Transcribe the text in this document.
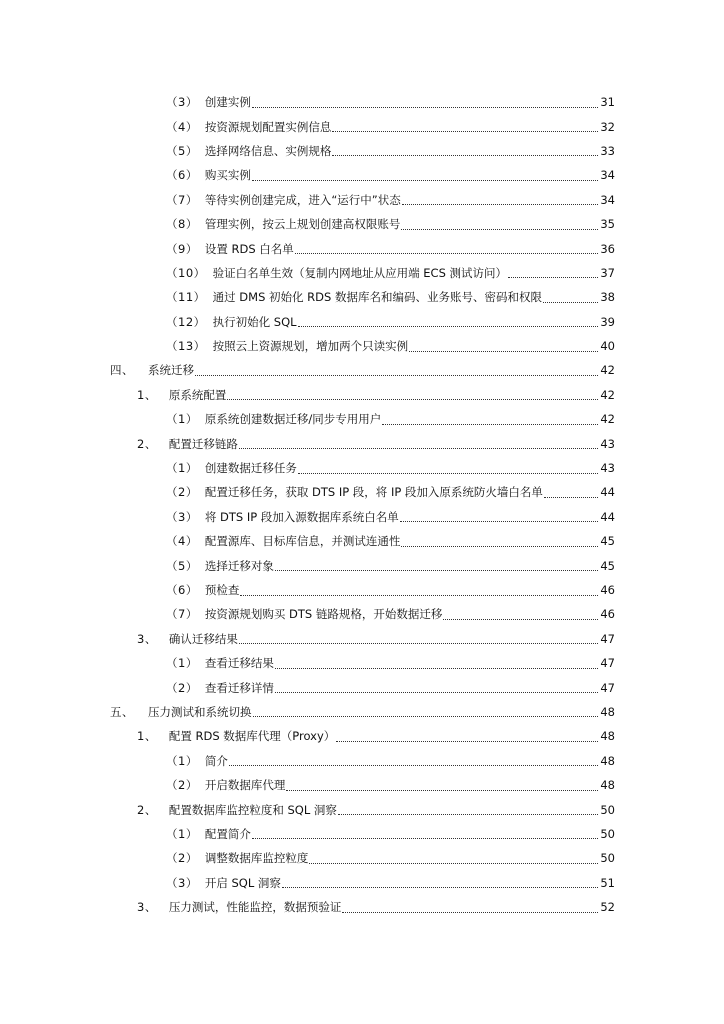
（3） 创建实例	31
（4） 按资源规划配置实例信息	32
（5） 选择网络信息、实例规格	33
（6） 购买实例	34
（7） 等待实例创建完成，进入“运行中”状态	34
（8） 管理实例，按云上规划创建高权限账号	35
（9） 设置 RDS 白名单	36
（10） 验证白名单生效（复制内网地址从应用端 ECS 测试访问）	37
（11） 通过 DMS 初始化 RDS 数据库名和编码、业务账号、密码和权限	38
（12） 执行初始化 SQL	39
（13） 按照云上资源规划，增加两个只读实例	40
四、 系统迁移	42
1、 原系统配置	42
（1） 原系统创建数据迁移/同步专用用户	42
2、 配置迁移链路	43
（1） 创建数据迁移任务	43
（2） 配置迁移任务，获取 DTS IP 段，将 IP 段加入原系统防火墙白名单	44
（3） 将 DTS IP 段加入源数据库系统白名单	44
（4） 配置源库、目标库信息，并测试连通性	45
（5） 选择迁移对象	45
（6） 预检查	46
（7） 按资源规划购买 DTS 链路规格，开始数据迁移	46
3、 确认迁移结果	47
（1） 查看迁移结果	47
（2） 查看迁移详情	47
五、 压力测试和系统切换	48
1、 配置 RDS 数据库代理（Proxy）	48
（1） 简介	48
（2） 开启数据库代理	48
2、 配置数据库监控粒度和 SQL 洞察	50
（1） 配置简介	50
（2） 调整数据库监控粒度	50
（3） 开启 SQL 洞察	51
3、 压力测试，性能监控，数据预验证	52
